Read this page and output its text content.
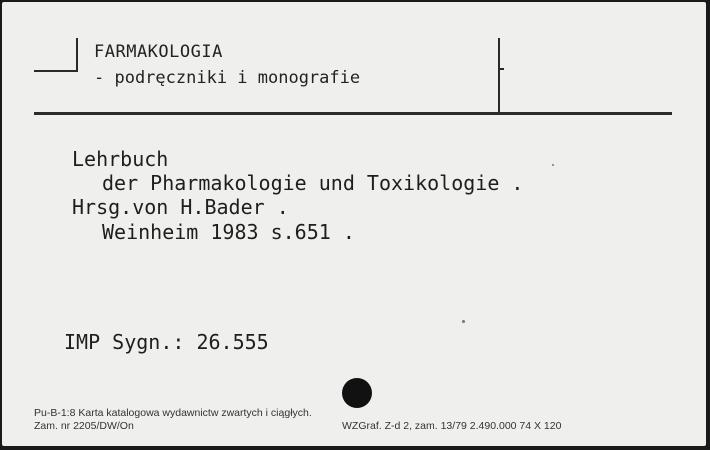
FARMAKOLOGIA
- podręczniki i monografie
Lehrbuch
der Pharmakologie und Toxikologie .
Hrsg.von H.Bader .
Weinheim 1983 s.651 .
IMP Sygn.: 26.555
Pu-B-1:8 Karta katalogowa wydawnictw zwartych i ciągłych.
Zam. nr 2205/DW/On	WZGraf. Z-d 2, zam. 13/79 2.490.000 74 X 120
